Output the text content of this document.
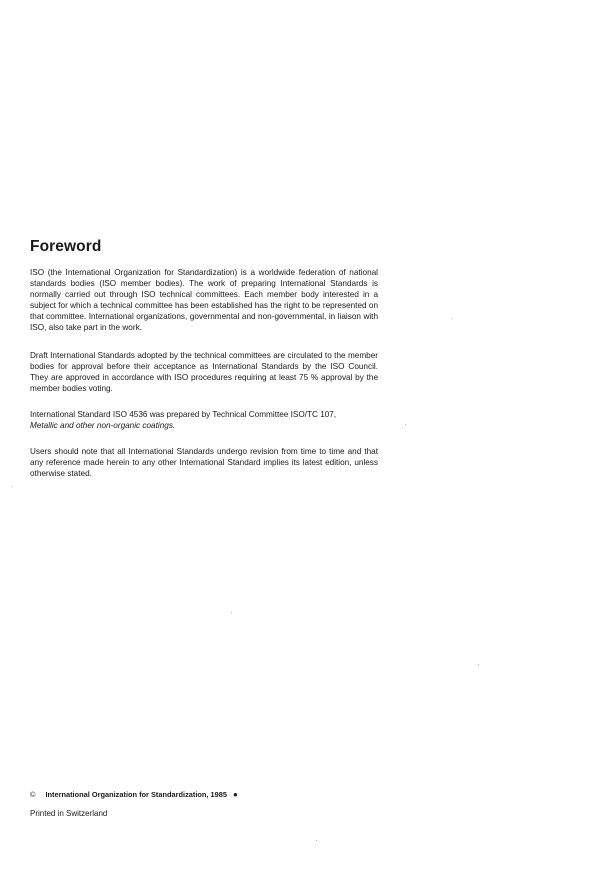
Foreword

ISO (the International Organization for Standardization) is a worldwide federation of national standards bodies (ISO member bodies). The work of preparing International Standards is normally carried out through ISO technical committees. Each member body interested in a subject for which a technical committee has been established has the right to be represented on that committee. International organizations, governmental and non-governmental, in liaison with ISO, also take part in the work.

Draft International Standards adopted by the technical committees are circulated to the member bodies for approval before their acceptance as International Standards by the ISO Council. They are approved in accordance with ISO procedures requiring at least 75 % approval by the member bodies voting.

International Standard ISO 4536 was prepared by Technical Committee ISO/TC 107,
Metallic and other non-organic coatings.

Users should note that all International Standards undergo revision from time to time and that any reference made herein to any other International Standard implies its latest edition, unless otherwise stated.

© International Organization for Standardization, 1985 ●
Printed in Switzerland
